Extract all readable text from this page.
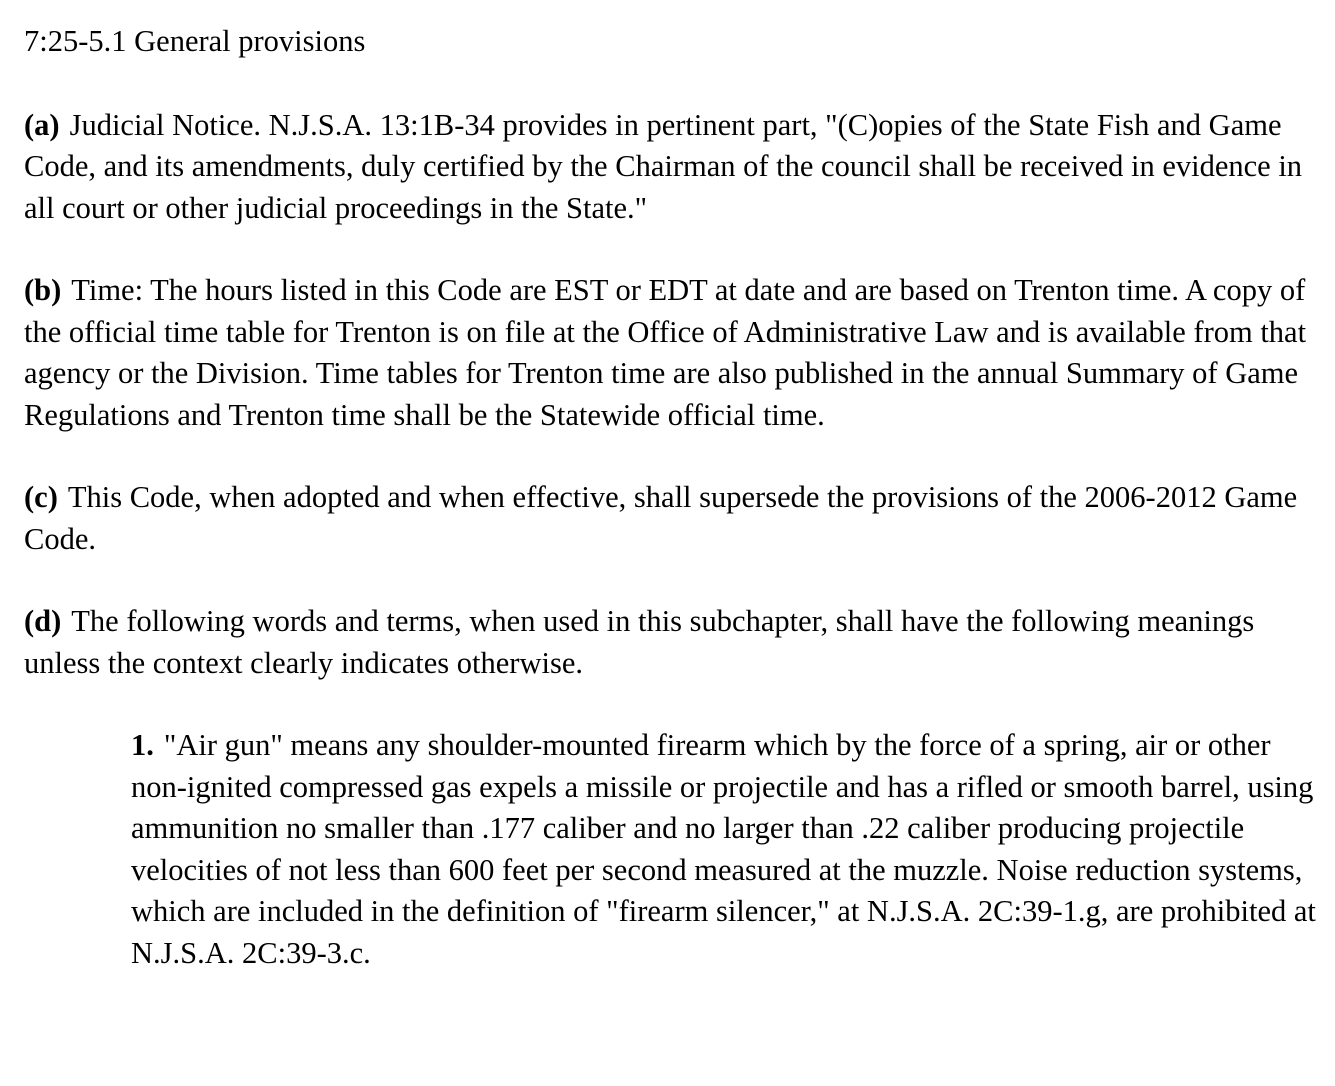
7:25-5.1 General provisions
(a) Judicial Notice. N.J.S.A. 13:1B-34 provides in pertinent part, "(C)opies of the State Fish and Game Code, and its amendments, duly certified by the Chairman of the council shall be received in evidence in all court or other judicial proceedings in the State."
(b) Time: The hours listed in this Code are EST or EDT at date and are based on Trenton time. A copy of the official time table for Trenton is on file at the Office of Administrative Law and is available from that agency or the Division. Time tables for Trenton time are also published in the annual Summary of Game Regulations and Trenton time shall be the Statewide official time.
(c) This Code, when adopted and when effective, shall supersede the provisions of the 2006-2012 Game Code.
(d) The following words and terms, when used in this subchapter, shall have the following meanings unless the context clearly indicates otherwise.
1. "Air gun" means any shoulder-mounted firearm which by the force of a spring, air or other non-ignited compressed gas expels a missile or projectile and has a rifled or smooth barrel, using ammunition no smaller than .177 caliber and no larger than .22 caliber producing projectile velocities of not less than 600 feet per second measured at the muzzle. Noise reduction systems, which are included in the definition of "firearm silencer," at N.J.S.A. 2C:39-1.g, are prohibited at N.J.S.A. 2C:39-3.c.
